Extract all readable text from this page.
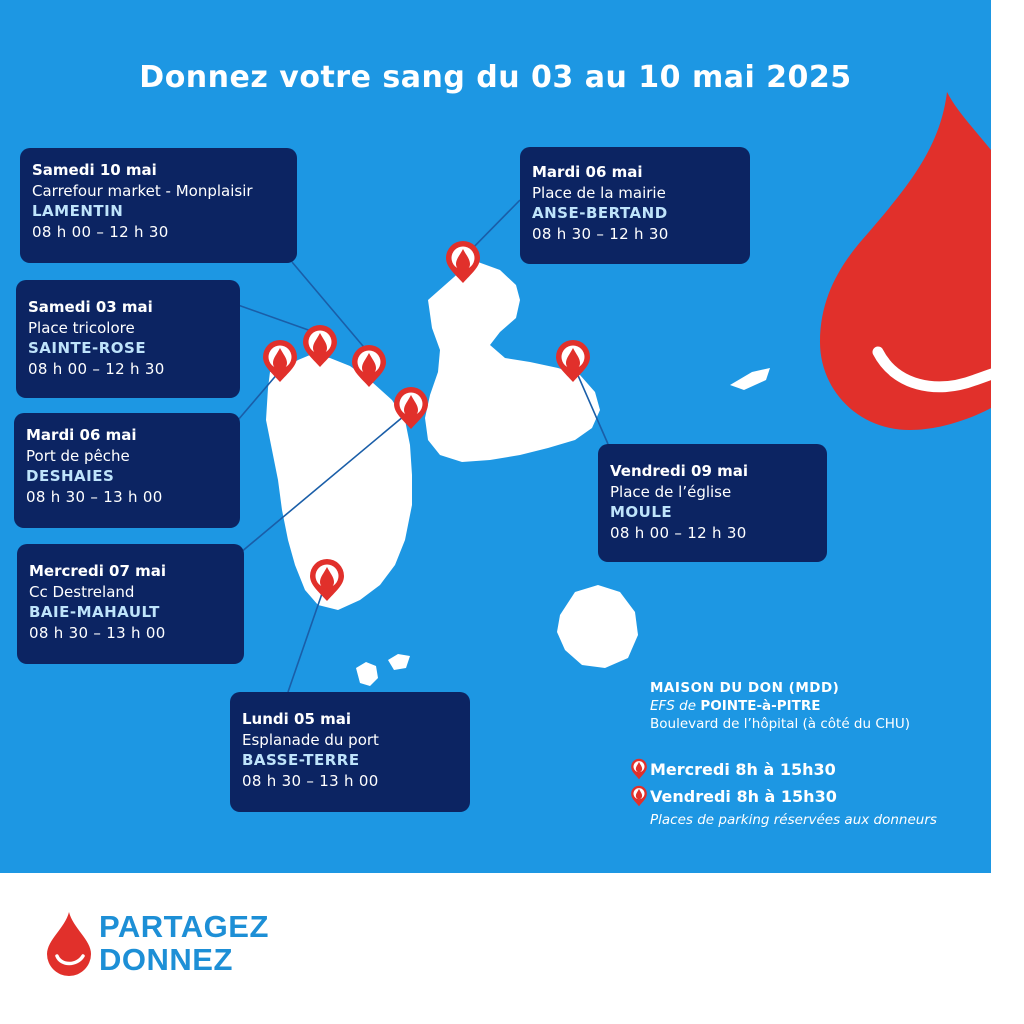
Donnez votre sang du 03 au 10 mai 2025
Samedi 10 mai
Carrefour market - Monplaisir
LAMENTIN
08 h 00 – 12 h 30
Samedi 03 mai
Place tricolore
SAINTE-ROSE
08 h 00 – 12 h 30
Mardi 06 mai
Port de pêche
DESHAIES
08 h 30 – 13 h 00
Mercredi 07 mai
Cc Destreland
BAIE-MAHAULT
08 h 30 – 13 h 00
Lundi 05 mai
Esplanade du port
BASSE-TERRE
08 h 30 – 13 h 00
Mardi 06 mai
Place de la mairie
ANSE-BERTAND
08 h 30 – 12 h 30
Vendredi 09 mai
Place de l’église
MOULE
08 h 00 – 12 h 30
MAISON DU DON (MDD)
EFS de POINTE-à-PITRE
Boulevard de l’hôpital (à côté du CHU)
Mercredi 8h à 15h30
Vendredi 8h à 15h30
Places de parking réservées aux donneurs
PARTAGEZ
DONNEZ
